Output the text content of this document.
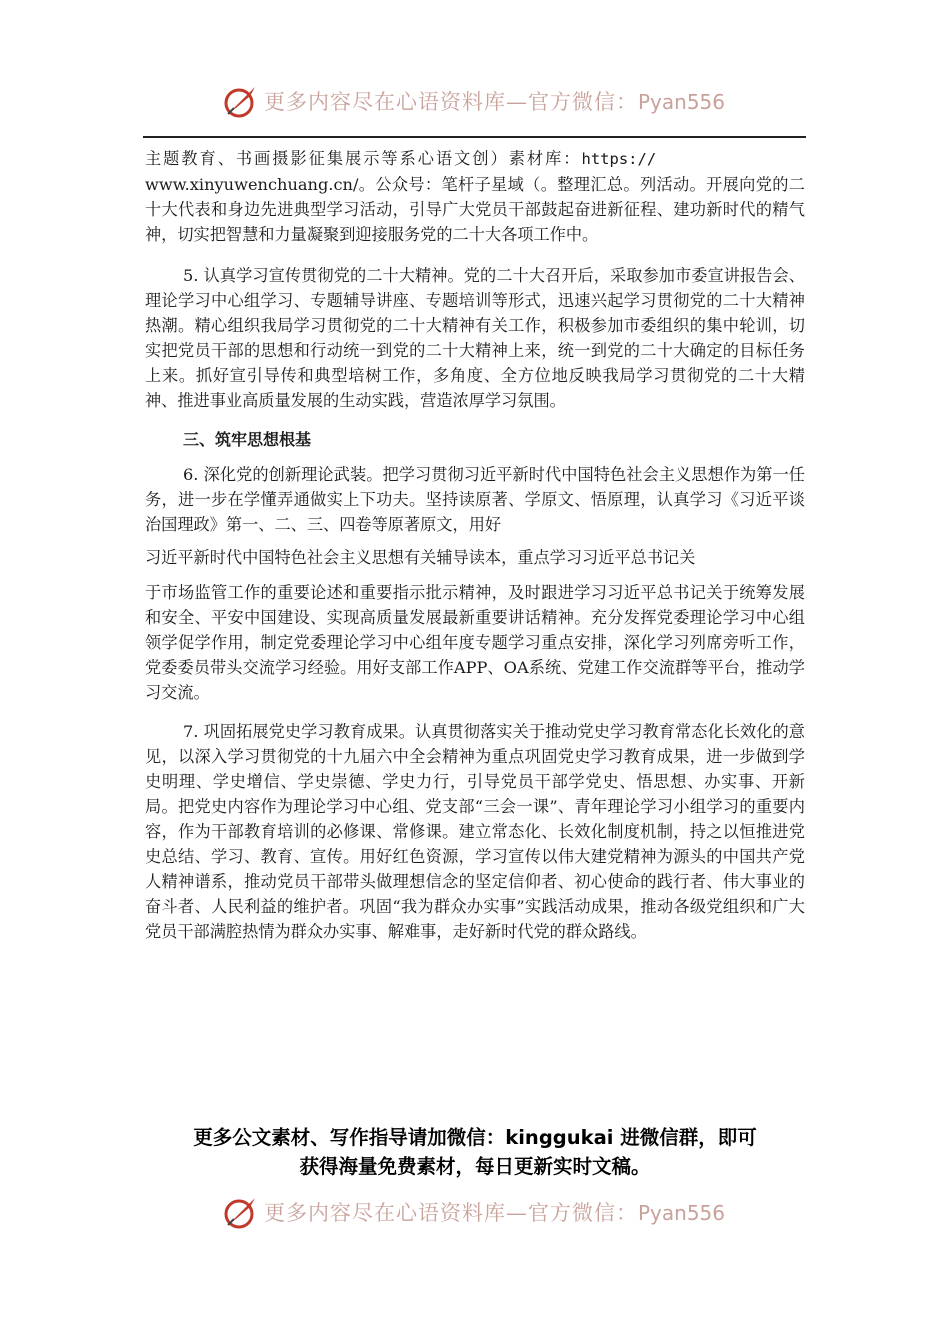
更多内容尽在心语资料库—官方微信：Pyan556

主题教育、书画摄影征集展示等系心语文创）素材库：https://

www.xinyuwenchuang.cn/。公众号：笔杆子星域（。整理汇总。列活动。开展向党的二十大代表和身边先进典型学习活动，引导广大党员干部鼓起奋进新征程、建功新时代的精气神，切实把智慧和力量凝聚到迎接服务党的二十大各项工作中。

5. 认真学习宣传贯彻党的二十大精神。党的二十大召开后，采取参加市委宣讲报告会、理论学习中心组学习、专题辅导讲座、专题培训等形式，迅速兴起学习贯彻党的二十大精神热潮。精心组织我局学习贯彻党的二十大精神有关工作，积极参加市委组织的集中轮训，切实把党员干部的思想和行动统一到党的二十大精神上来，统一到党的二十大确定的目标任务上来。抓好宣引导传和典型培树工作，多角度、全方位地反映我局学习贯彻党的二十大精神、推进事业高质量发展的生动实践，营造浓厚学习氛围。

三、筑牢思想根基

6. 深化党的创新理论武装。把学习贯彻习近平新时代中国特色社会主义思想作为第一任务，进一步在学懂弄通做实上下功夫。坚持读原著、学原文、悟原理，认真学习《习近平谈治国理政》第一、二、三、四卷等原著原文，用好

习近平新时代中国特色社会主义思想有关辅导读本，重点学习习近平总书记关

于市场监管工作的重要论述和重要指示批示精神，及时跟进学习习近平总书记关于统筹发展和安全、平安中国建设、实现高质量发展最新重要讲话精神。充分发挥党委理论学习中心组领学促学作用，制定党委理论学习中心组年度专题学习重点安排，深化学习列席旁听工作，党委委员带头交流学习经验。用好支部工作APP、OA系统、党建工作交流群等平台，推动学习交流。

7. 巩固拓展党史学习教育成果。认真贯彻落实关于推动党史学习教育常态化长效化的意见，以深入学习贯彻党的十九届六中全会精神为重点巩固党史学习教育成果，进一步做到学史明理、学史增信、学史崇德、学史力行，引导党员干部学党史、悟思想、办实事、开新局。把党史内容作为理论学习中心组、党支部“三会一课”、青年理论学习小组学习的重要内容，作为干部教育培训的必修课、常修课。建立常态化、长效化制度机制，持之以恒推进党史总结、学习、教育、宣传。用好红色资源，学习宣传以伟大建党精神为源头的中国共产党人精神谱系，推动党员干部带头做理想信念的坚定信仰者、初心使命的践行者、伟大事业的奋斗者、人民利益的维护者。巩固“我为群众办实事”实践活动成果，推动各级党组织和广大党员干部满腔热情为群众办实事、解难事，走好新时代党的群众路线。

更多公文素材、写作指导请加微信：kinggukai 进微信群，即可
获得海量免费素材，每日更新实时文稿。
更多内容尽在心语资料库—官方微信：Pyan556
